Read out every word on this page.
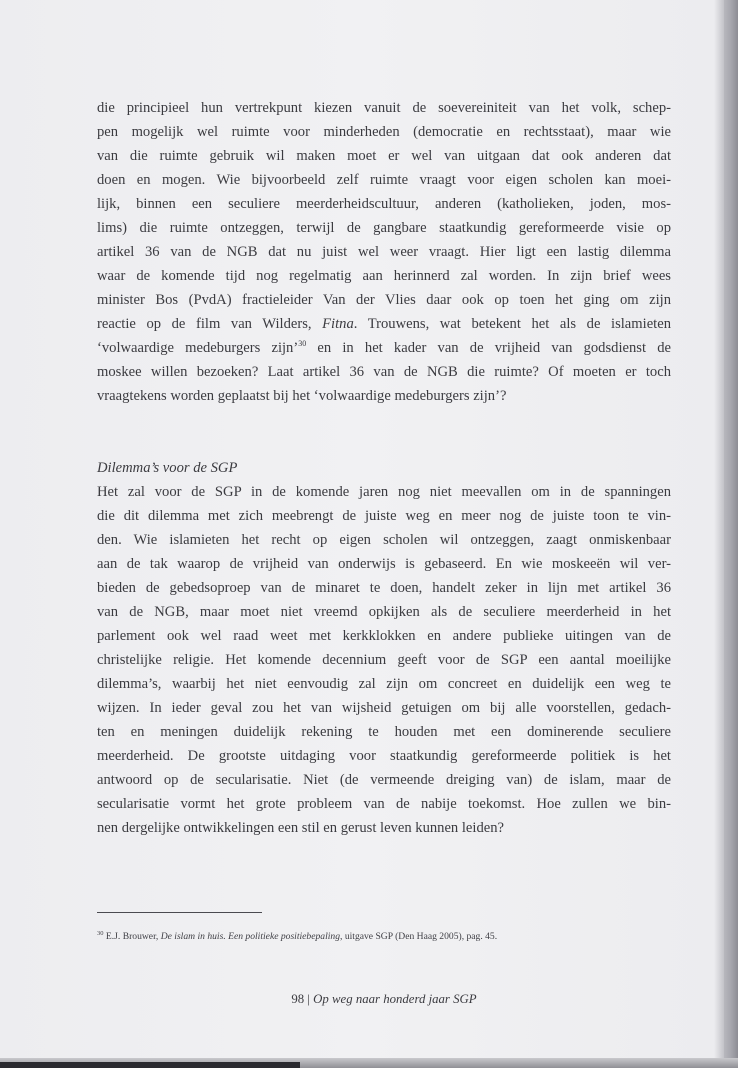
die principieel hun vertrekpunt kiezen vanuit de soevereiniteit van het volk, schep-
pen mogelijk wel ruimte voor minderheden (democratie en rechtsstaat), maar wie
van die ruimte gebruik wil maken moet er wel van uitgaan dat ook anderen dat
doen en mogen. Wie bijvoorbeeld zelf ruimte vraagt voor eigen scholen kan moei-
lijk, binnen een seculiere meerderheidscultuur, anderen (katholieken, joden, mos-
lims) die ruimte ontzeggen, terwijl de gangbare staatkundig gereformeerde visie op
artikel 36 van de NGB dat nu juist wel weer vraagt. Hier ligt een lastig dilemma
waar de komende tijd nog regelmatig aan herinnerd zal worden. In zijn brief wees
minister Bos (PvdA) fractieleider Van der Vlies daar ook op toen het ging om zijn
reactie op de film van Wilders, Fitna. Trouwens, wat betekent het als de islamieten
‘volwaardige medeburgers zijn’$^{30}$ en in het kader van de vrijheid van godsdienst de
moskee willen bezoeken? Laat artikel 36 van de NGB die ruimte? Of moeten er toch
vraagtekens worden geplaatst bij het ‘volwaardige medeburgers zijn’?
Dilemma’s voor de SGP
Het zal voor de SGP in de komende jaren nog niet meevallen om in de spanningen
die dit dilemma met zich meebrengt de juiste weg en meer nog de juiste toon te vin-
den. Wie islamieten het recht op eigen scholen wil ontzeggen, zaagt onmiskenbaar
aan de tak waarop de vrijheid van onderwijs is gebaseerd. En wie moskeeën wil ver-
bieden de gebedsoproep van de minaret te doen, handelt zeker in lijn met artikel 36
van de NGB, maar moet niet vreemd opkijken als de seculiere meerderheid in het
parlement ook wel raad weet met kerkklokken en andere publieke uitingen van de
christelijke religie. Het komende decennium geeft voor de SGP een aantal moeilijke
dilemma’s, waarbij het niet eenvoudig zal zijn om concreet en duidelijk een weg te
wijzen. In ieder geval zou het van wijsheid getuigen om bij alle voorstellen, gedach-
ten en meningen duidelijk rekening te houden met een dominerende seculiere
meerderheid. De grootste uitdaging voor staatkundig gereformeerde politiek is het
antwoord op de secularisatie. Niet (de vermeende dreiging van) de islam, maar de
secularisatie vormt het grote probleem van de nabije toekomst. Hoe zullen we bin-
nen dergelijke ontwikkelingen een stil en gerust leven kunnen leiden?
$^{30}$ E.J. Brouwer, De islam in huis. Een politieke positiebepaling, uitgave SGP (Den Haag 2005), pag. 45.
98 | Op weg naar honderd jaar SGP
